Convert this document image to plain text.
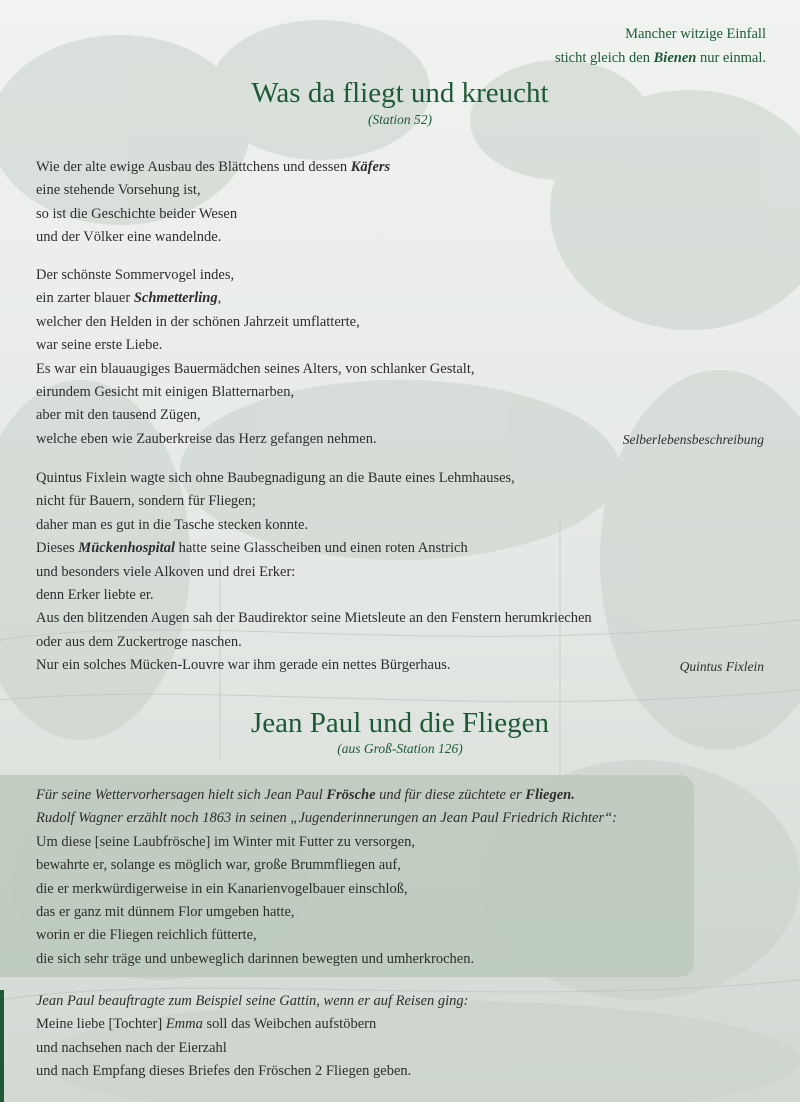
Mancher witzige Einfall
sticht gleich den Bienen nur einmal.
Was da fliegt und kreucht
(Station 52)
Wie der alte ewige Ausbau des Blättchens und dessen Käfers
eine stehende Vorsehung ist,
so ist die Geschichte beider Wesen
und der Völker eine wandelnde.
Der schönste Sommervogel indes,
ein zarter blauer Schmetterling,
welcher den Helden in der schönen Jahrzeit umflatterte,
war seine erste Liebe.
Es war ein blauaugiges Bauermädchen seines Alters, von schlanker Gestalt,
eirundem Gesicht mit einigen Blatternarben,
aber mit den tausend Zügen,
welche eben wie Zauberkreise das Herz gefangen nehmen.	Selberlebensbeschreibung
Quintus Fixlein wagte sich ohne Baubegnadigung an die Baute eines Lehmhauses,
nicht für Bauern, sondern für Fliegen;
daher man es gut in die Tasche stecken konnte.
Dieses Mückenhospital hatte seine Glasscheiben und einen roten Anstrich
und besonders viele Alkoven und drei Erker:
denn Erker liebte er.
Aus den blitzenden Augen sah der Baudirektor seine Mietsleute an den Fenstern herumkriechen
oder aus dem Zuckertroge naschen.
Nur ein solches Mücken-Louvre war ihm gerade ein nettes Bürgerhaus.	Quintus Fixlein
Jean Paul und die Fliegen
(aus Groß-Station 126)
Für seine Wettervorhersagen hielt sich Jean Paul Frösche und für diese züchtete er Fliegen.
Rudolf Wagner erzählt noch 1863 in seinen „Jugenderinnerungen an Jean Paul Friedrich Richter“:
Um diese [seine Laubfrösche] im Winter mit Futter zu versorgen,
bewahrte er, solange es möglich war, große Brummfliegen auf,
die er merkwürdigerweise in ein Kanarienvogelbauer einschloß,
das er ganz mit dünnem Flor umgeben hatte,
worin er die Fliegen reichlich fütterte,
die sich sehr träge und unbeweglich darinnen bewegten und umherkrochen.
Jean Paul beauftragte zum Beispiel seine Gattin, wenn er auf Reisen ging:
Meine liebe [Tochter] Emma soll das Weibchen aufstöbern
und nachsehen nach der Eierzahl
und nach Empfang dieses Briefes den Fröschen 2 Fliegen geben.
